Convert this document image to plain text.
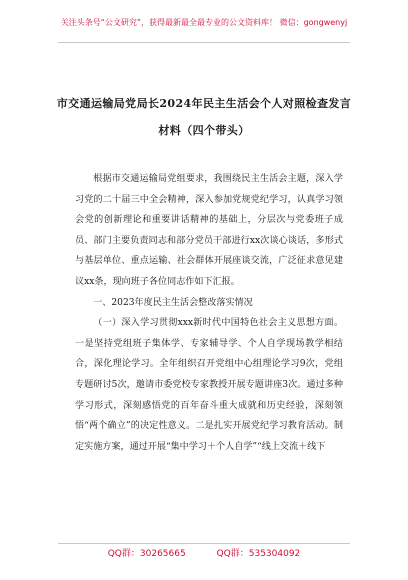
关注头条号“公文研究”，获得最新最全最专业的公文资料库！ 微信：gongwenyj
市交通运输局党局长2024年民主生活会个人对照检查发言
材料（四个带头）

根据市交通运输局党组要求，我围绕民主生活会主题，深入学习党的二十届三中全会精神，深入参加党规党纪学习，认真学习领会党的创新理论和重要讲话精神的基础上，分层次与党委班子成员、部门主要负责同志和部分党员干部进行xx次谈心谈话，多形式与基层单位、重点运输、社会群体开展座谈交流，广泛征求意见建议xx条，现向班子各位同志作如下汇报。

一、2023年度民主生活会整改落实情况

（一）深入学习贯彻xxx新时代中国特色社会主义思想方面。一是坚持党组班子集体学、专家辅导学、个人自学现场教学相结合，深化理论学习。全年组织召开党组中心组理论学习9次，党组专题研讨5次，邀请市委党校专家教授开展专题讲座3次。通过多种学习形式，深刻感悟党的百年奋斗重大成就和历史经验，深刻领悟“两个确立”的决定性意义。二是扎实开展党纪学习教育活动。制定实施方案，通过开展“集中学习＋个人自学”“线上交流＋线下

QQ群：30265665	QQ群：535304092
